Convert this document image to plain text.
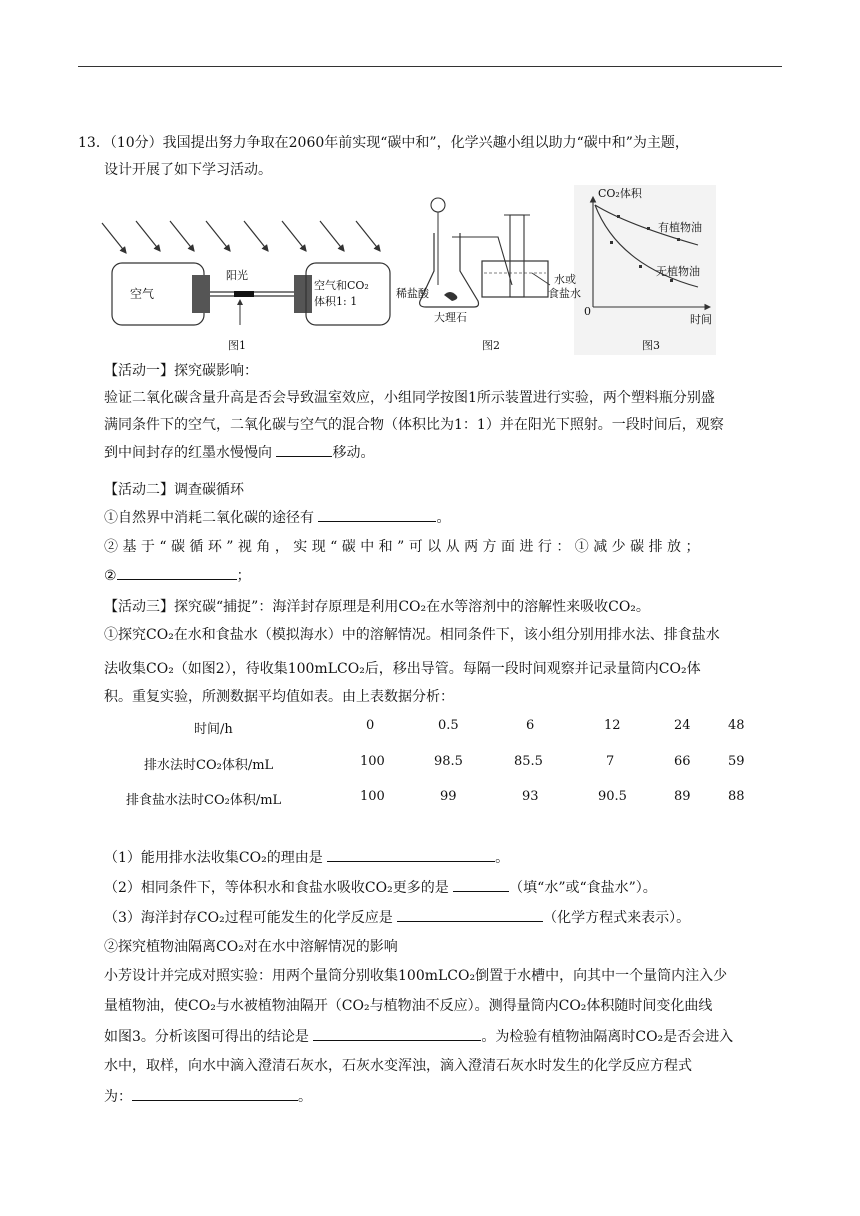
13．（10分）我国提出努力争取在2060年前实现“碳中和”，化学兴趣小组以助力“碳中和”为主题，
设计开展了如下学习活动。
空气
阳光
空气和CO₂
体积1: 1
图1
稀盐酸
大理石
水或
食盐水
图2
CO₂体积
有植物油
无植物油
0
时间
图3
【活动一】探究碳影响：
验证二氧化碳含量升高是否会导致温室效应，小组同学按图1所示装置进行实验，两个塑料瓶分别盛
满同条件下的空气，二氧化碳与空气的混合物（体积比为1：1）并在阳光下照射。一段时间后，观察
到中间封存的红墨水慢慢向	移动。
【活动二】调查碳循环
①自然界中消耗二氧化碳的途径有	。
② 基 于 “ 碳 循 环 ” 视 角 ， 实 现 “ 碳 中 和 ” 可 以 从 两 方 面 进 行 ： ① 减 少 碳 排 放 ；
②	；
【活动三】探究碳“捕捉”：海洋封存原理是利用CO₂在水等溶剂中的溶解性来吸收CO₂。
①探究CO₂在水和食盐水（模拟海水）中的溶解情况。相同条件下，该小组分别用排水法、排食盐水
法收集CO₂（如图2），待收集100mLCO₂后，移出导管。每隔一段时间观察并记录量筒内CO₂体
积。重复实验，所测数据平均值如表。由上表数据分析：
时间/h	0	0.5	6	12	24	48
排水法时CO₂体积/mL	100	98.5	85.5	7	66	59
排食盐水法时CO₂体积/mL	100	99	93	90.5	89	88
（1）能用排水法收集CO₂的理由是	。
（2）相同条件下，等体积水和食盐水吸收CO₂更多的是	（填“水”或“食盐水”）。
（3）海洋封存CO₂过程可能发生的化学反应是	（化学方程式来表示）。
②探究植物油隔离CO₂对在水中溶解情况的影响
小芳设计并完成对照实验：用两个量筒分别收集100mLCO₂倒置于水槽中，向其中一个量筒内注入少
量植物油，使CO₂与水被植物油隔开（CO₂与植物油不反应）。测得量筒内CO₂体积随时间变化曲线
如图3。分析该图可得出的结论是	。为检验有植物油隔离时CO₂是否会进入
水中，取样，向水中滴入澄清石灰水，石灰水变浑浊，滴入澄清石灰水时发生的化学反应方程式
为：	。
